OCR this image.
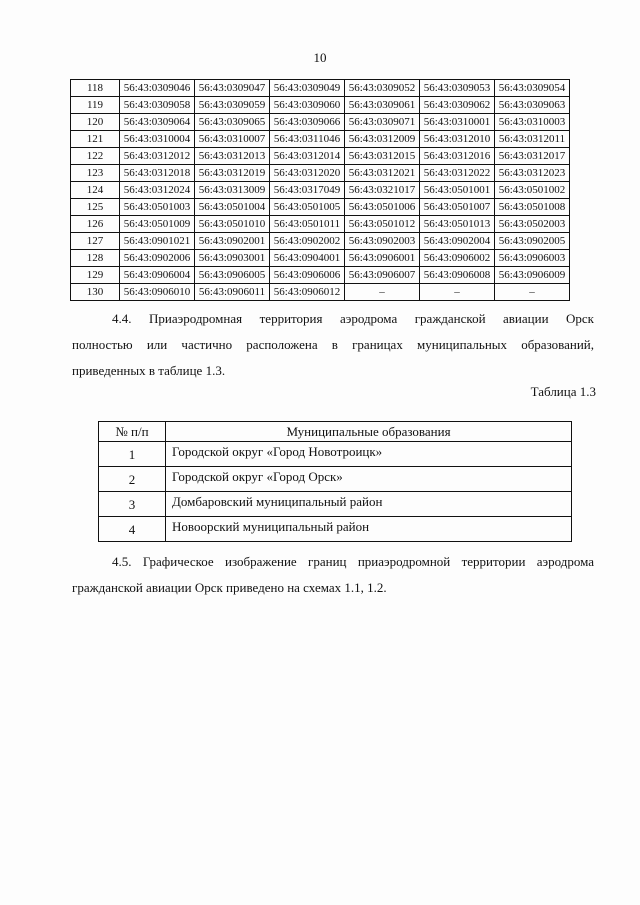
10
118	56:43:0309046	56:43:0309047	56:43:0309049	56:43:0309052	56:43:0309053	56:43:0309054
119	56:43:0309058	56:43:0309059	56:43:0309060	56:43:0309061	56:43:0309062	56:43:0309063
120	56:43:0309064	56:43:0309065	56:43:0309066	56:43:0309071	56:43:0310001	56:43:0310003
121	56:43:0310004	56:43:0310007	56:43:0311046	56:43:0312009	56:43:0312010	56:43:0312011
122	56:43:0312012	56:43:0312013	56:43:0312014	56:43:0312015	56:43:0312016	56:43:0312017
123	56:43:0312018	56:43:0312019	56:43:0312020	56:43:0312021	56:43:0312022	56:43:0312023
124	56:43:0312024	56:43:0313009	56:43:0317049	56:43:0321017	56:43:0501001	56:43:0501002
125	56:43:0501003	56:43:0501004	56:43:0501005	56:43:0501006	56:43:0501007	56:43:0501008
126	56:43:0501009	56:43:0501010	56:43:0501011	56:43:0501012	56:43:0501013	56:43:0502003
127	56:43:0901021	56:43:0902001	56:43:0902002	56:43:0902003	56:43:0902004	56:43:0902005
128	56:43:0902006	56:43:0903001	56:43:0904001	56:43:0906001	56:43:0906002	56:43:0906003
129	56:43:0906004	56:43:0906005	56:43:0906006	56:43:0906007	56:43:0906008	56:43:0906009
130	56:43:0906010	56:43:0906011	56:43:0906012	–	–	–
4.4. Приаэродромная территория аэродрома гражданской авиации Орск
полностью или частично расположена в границах муниципальных образований,
приведенных в таблице 1.3.
Таблица 1.3
№ п/п	Муниципальные образования
1	Городской округ «Город Новотроицк»
2	Городской округ «Город Орск»
3	Домбаровский муниципальный район
4	Новоорский муниципальный район
4.5. Графическое изображение границ приаэродромной территории аэродрома
гражданской авиации Орск приведено на схемах 1.1, 1.2.
